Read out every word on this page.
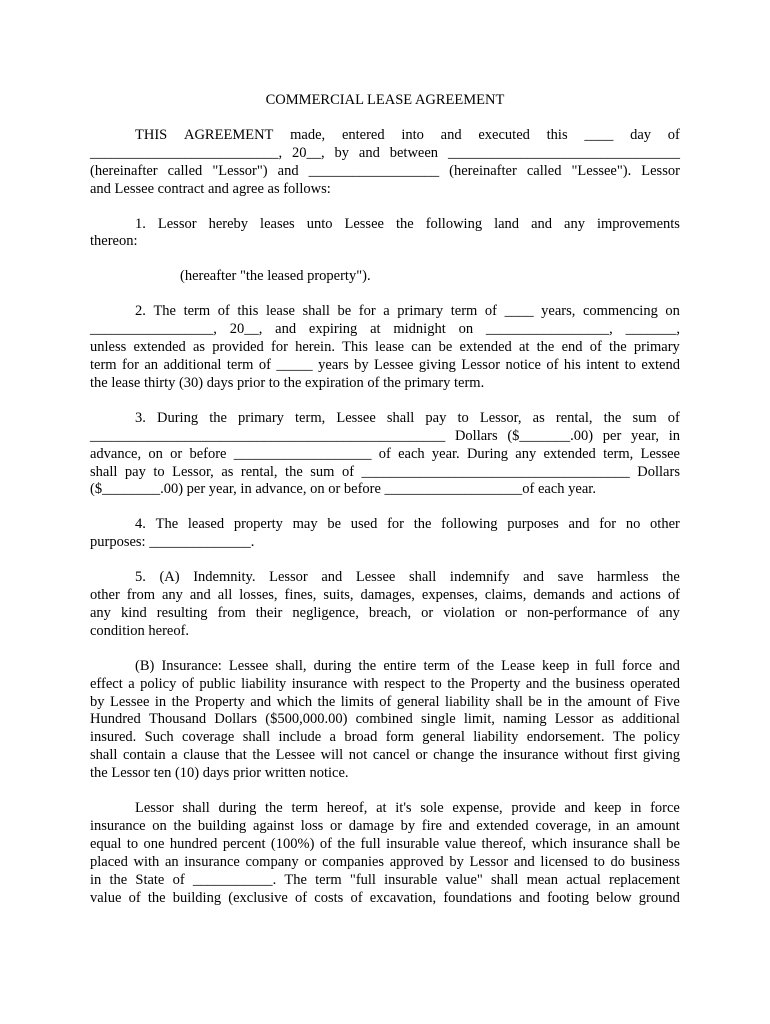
COMMERCIAL LEASE AGREEMENT
THIS AGREEMENT made, entered into and executed this ____ day of
__________________________, 20__, by and between ________________________________
(hereinafter called "Lessor") and __________________ (hereinafter called "Lessee"). Lessor
and Lessee contract and agree as follows:
1. Lessor hereby leases unto Lessee the following land and any improvements
thereon:
(hereafter "the leased property").
2. The term of this lease shall be for a primary term of ____ years, commencing on
_________________, 20__, and expiring at midnight on _________________, _______,
unless extended as provided for herein. This lease can be extended at the end of the primary
term for an additional term of _____ years by Lessee giving Lessor notice of his intent to extend
the lease thirty (30) days prior to the expiration of the primary term.
3. During the primary term, Lessee shall pay to Lessor, as rental, the sum of
_________________________________________________ Dollars ($_______.00) per year, in
advance, on or before ___________________ of each year. During any extended term, Lessee
shall pay to Lessor, as rental, the sum of _____________________________________ Dollars
($________.00) per year, in advance, on or before ___________________of each year.
4. The leased property may be used for the following purposes and for no other
purposes: ______________.
5. (A) Indemnity. Lessor and Lessee shall indemnify and save harmless the
other from any and all losses, fines, suits, damages, expenses, claims, demands and actions of
any kind resulting from their negligence, breach, or violation or non-performance of any
condition hereof.
(B) Insurance: Lessee shall, during the entire term of the Lease keep in full force and
effect a policy of public liability insurance with respect to the Property and the business operated
by Lessee in the Property and which the limits of general liability shall be in the amount of Five
Hundred Thousand Dollars ($500,000.00) combined single limit, naming Lessor as additional
insured. Such coverage shall include a broad form general liability endorsement. The policy
shall contain a clause that the Lessee will not cancel or change the insurance without first giving
the Lessor ten (10) days prior written notice.
Lessor shall during the term hereof, at it's sole expense, provide and keep in force
insurance on the building against loss or damage by fire and extended coverage, in an amount
equal to one hundred percent (100%) of the full insurable value thereof, which insurance shall be
placed with an insurance company or companies approved by Lessor and licensed to do business
in the State of ___________. The term "full insurable value" shall mean actual replacement
value of the building (exclusive of costs of excavation, foundations and footing below ground
